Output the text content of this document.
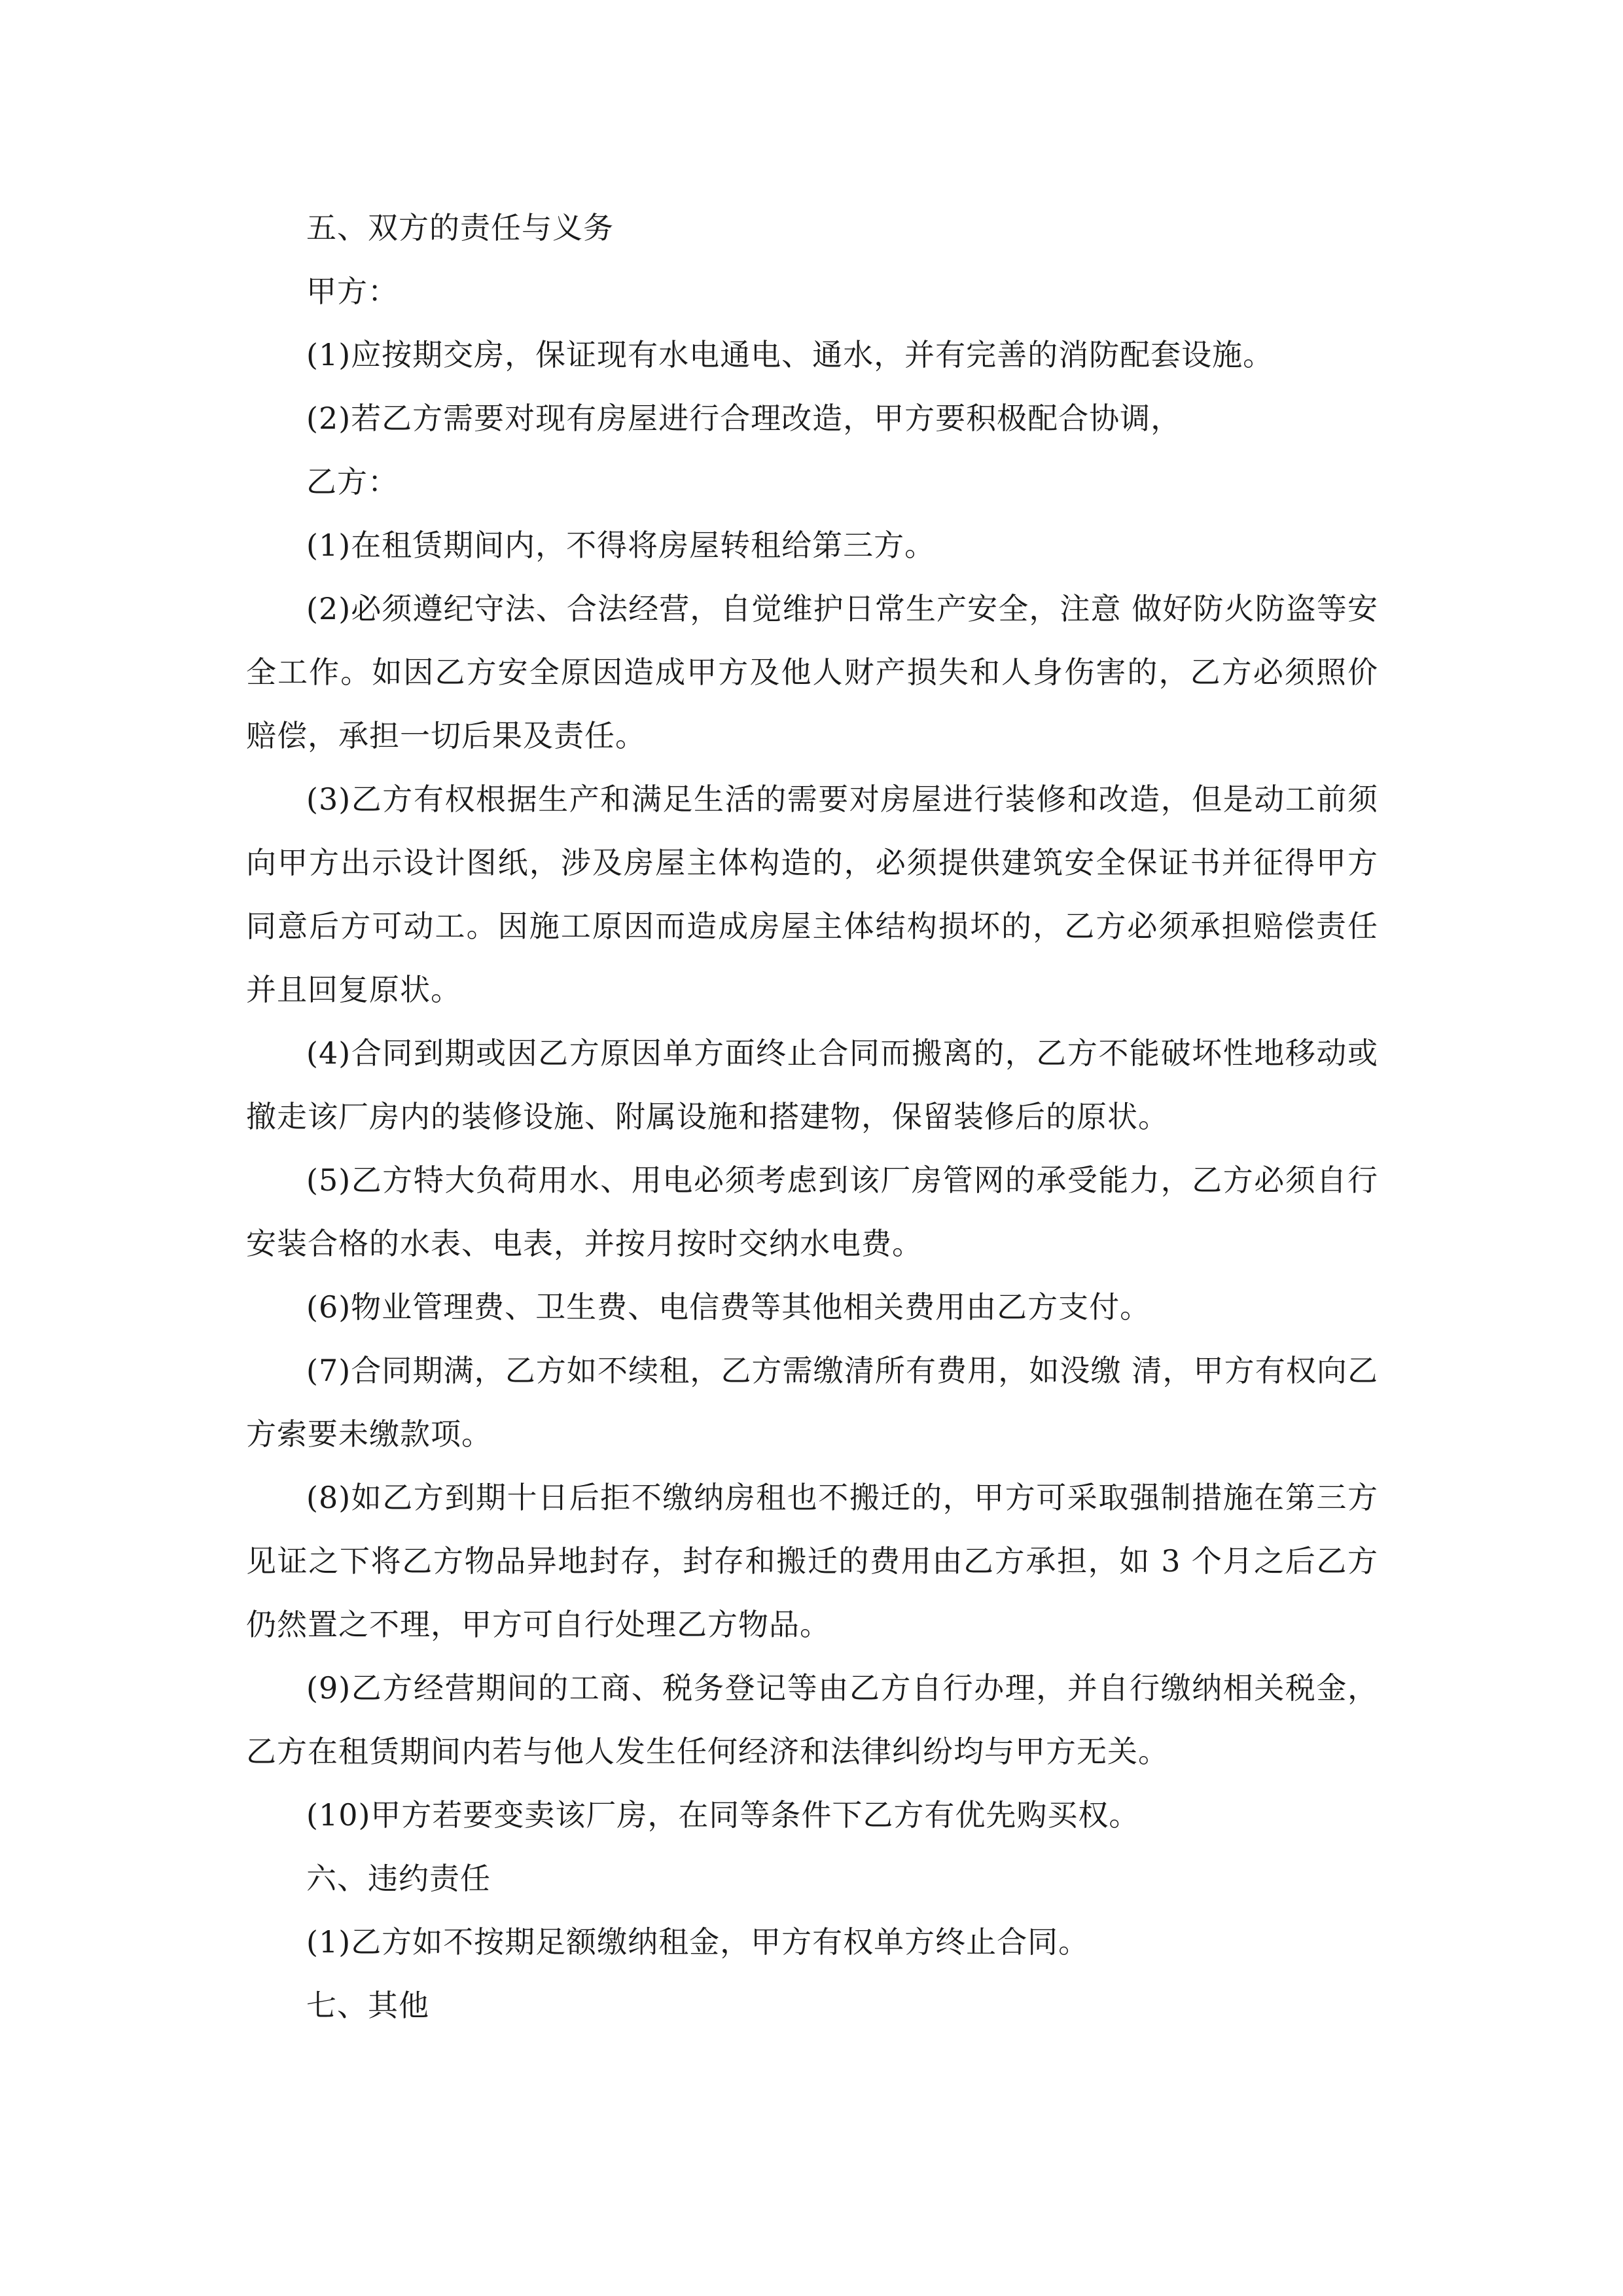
五、双方的责任与义务

甲方：

(1)应按期交房，保证现有水电通电、通水，并有完善的消防配套设施。

(2)若乙方需要对现有房屋进行合理改造，甲方要积极配合协调，

乙方：

(1)在租赁期间内，不得将房屋转租给第三方。

(2)必须遵纪守法、合法经营，自觉维护日常生产安全，注意 做好防火防盗等安全工作。如因乙方安全原因造成甲方及他人财产损失和人身伤害的，乙方必须照价赔偿，承担一切后果及责任。

(3)乙方有权根据生产和满足生活的需要对房屋进行装修和改造，但是动工前须向甲方出示设计图纸，涉及房屋主体构造的，必须提供建筑安全保证书并征得甲方同意后方可动工。因施工原因而造成房屋主体结构损坏的，乙方必须承担赔偿责任并且回复原状。

(4)合同到期或因乙方原因单方面终止合同而搬离的，乙方不能破坏性地移动或撤走该厂房内的装修设施、附属设施和搭建物，保留装修后的原状。

(5)乙方特大负荷用水、用电必须考虑到该厂房管网的承受能力，乙方必须自行安装合格的水表、电表，并按月按时交纳水电费。

(6)物业管理费、卫生费、电信费等其他相关费用由乙方支付。

(7)合同期满，乙方如不续租，乙方需缴清所有费用，如没缴 清，甲方有权向乙方索要未缴款项。

(8)如乙方到期十日后拒不缴纳房租也不搬迁的，甲方可采取强制措施在第三方见证之下将乙方物品异地封存，封存和搬迁的费用由乙方承担，如 3 个月之后乙方仍然置之不理，甲方可自行处理乙方物品。

(9)乙方经营期间的工商、税务登记等由乙方自行办理，并自行缴纳相关税金，乙方在租赁期间内若与他人发生任何经济和法律纠纷均与甲方无关。

(10)甲方若要变卖该厂房，在同等条件下乙方有优先购买权。

六、违约责任

(1)乙方如不按期足额缴纳租金，甲方有权单方终止合同。

七、其他
